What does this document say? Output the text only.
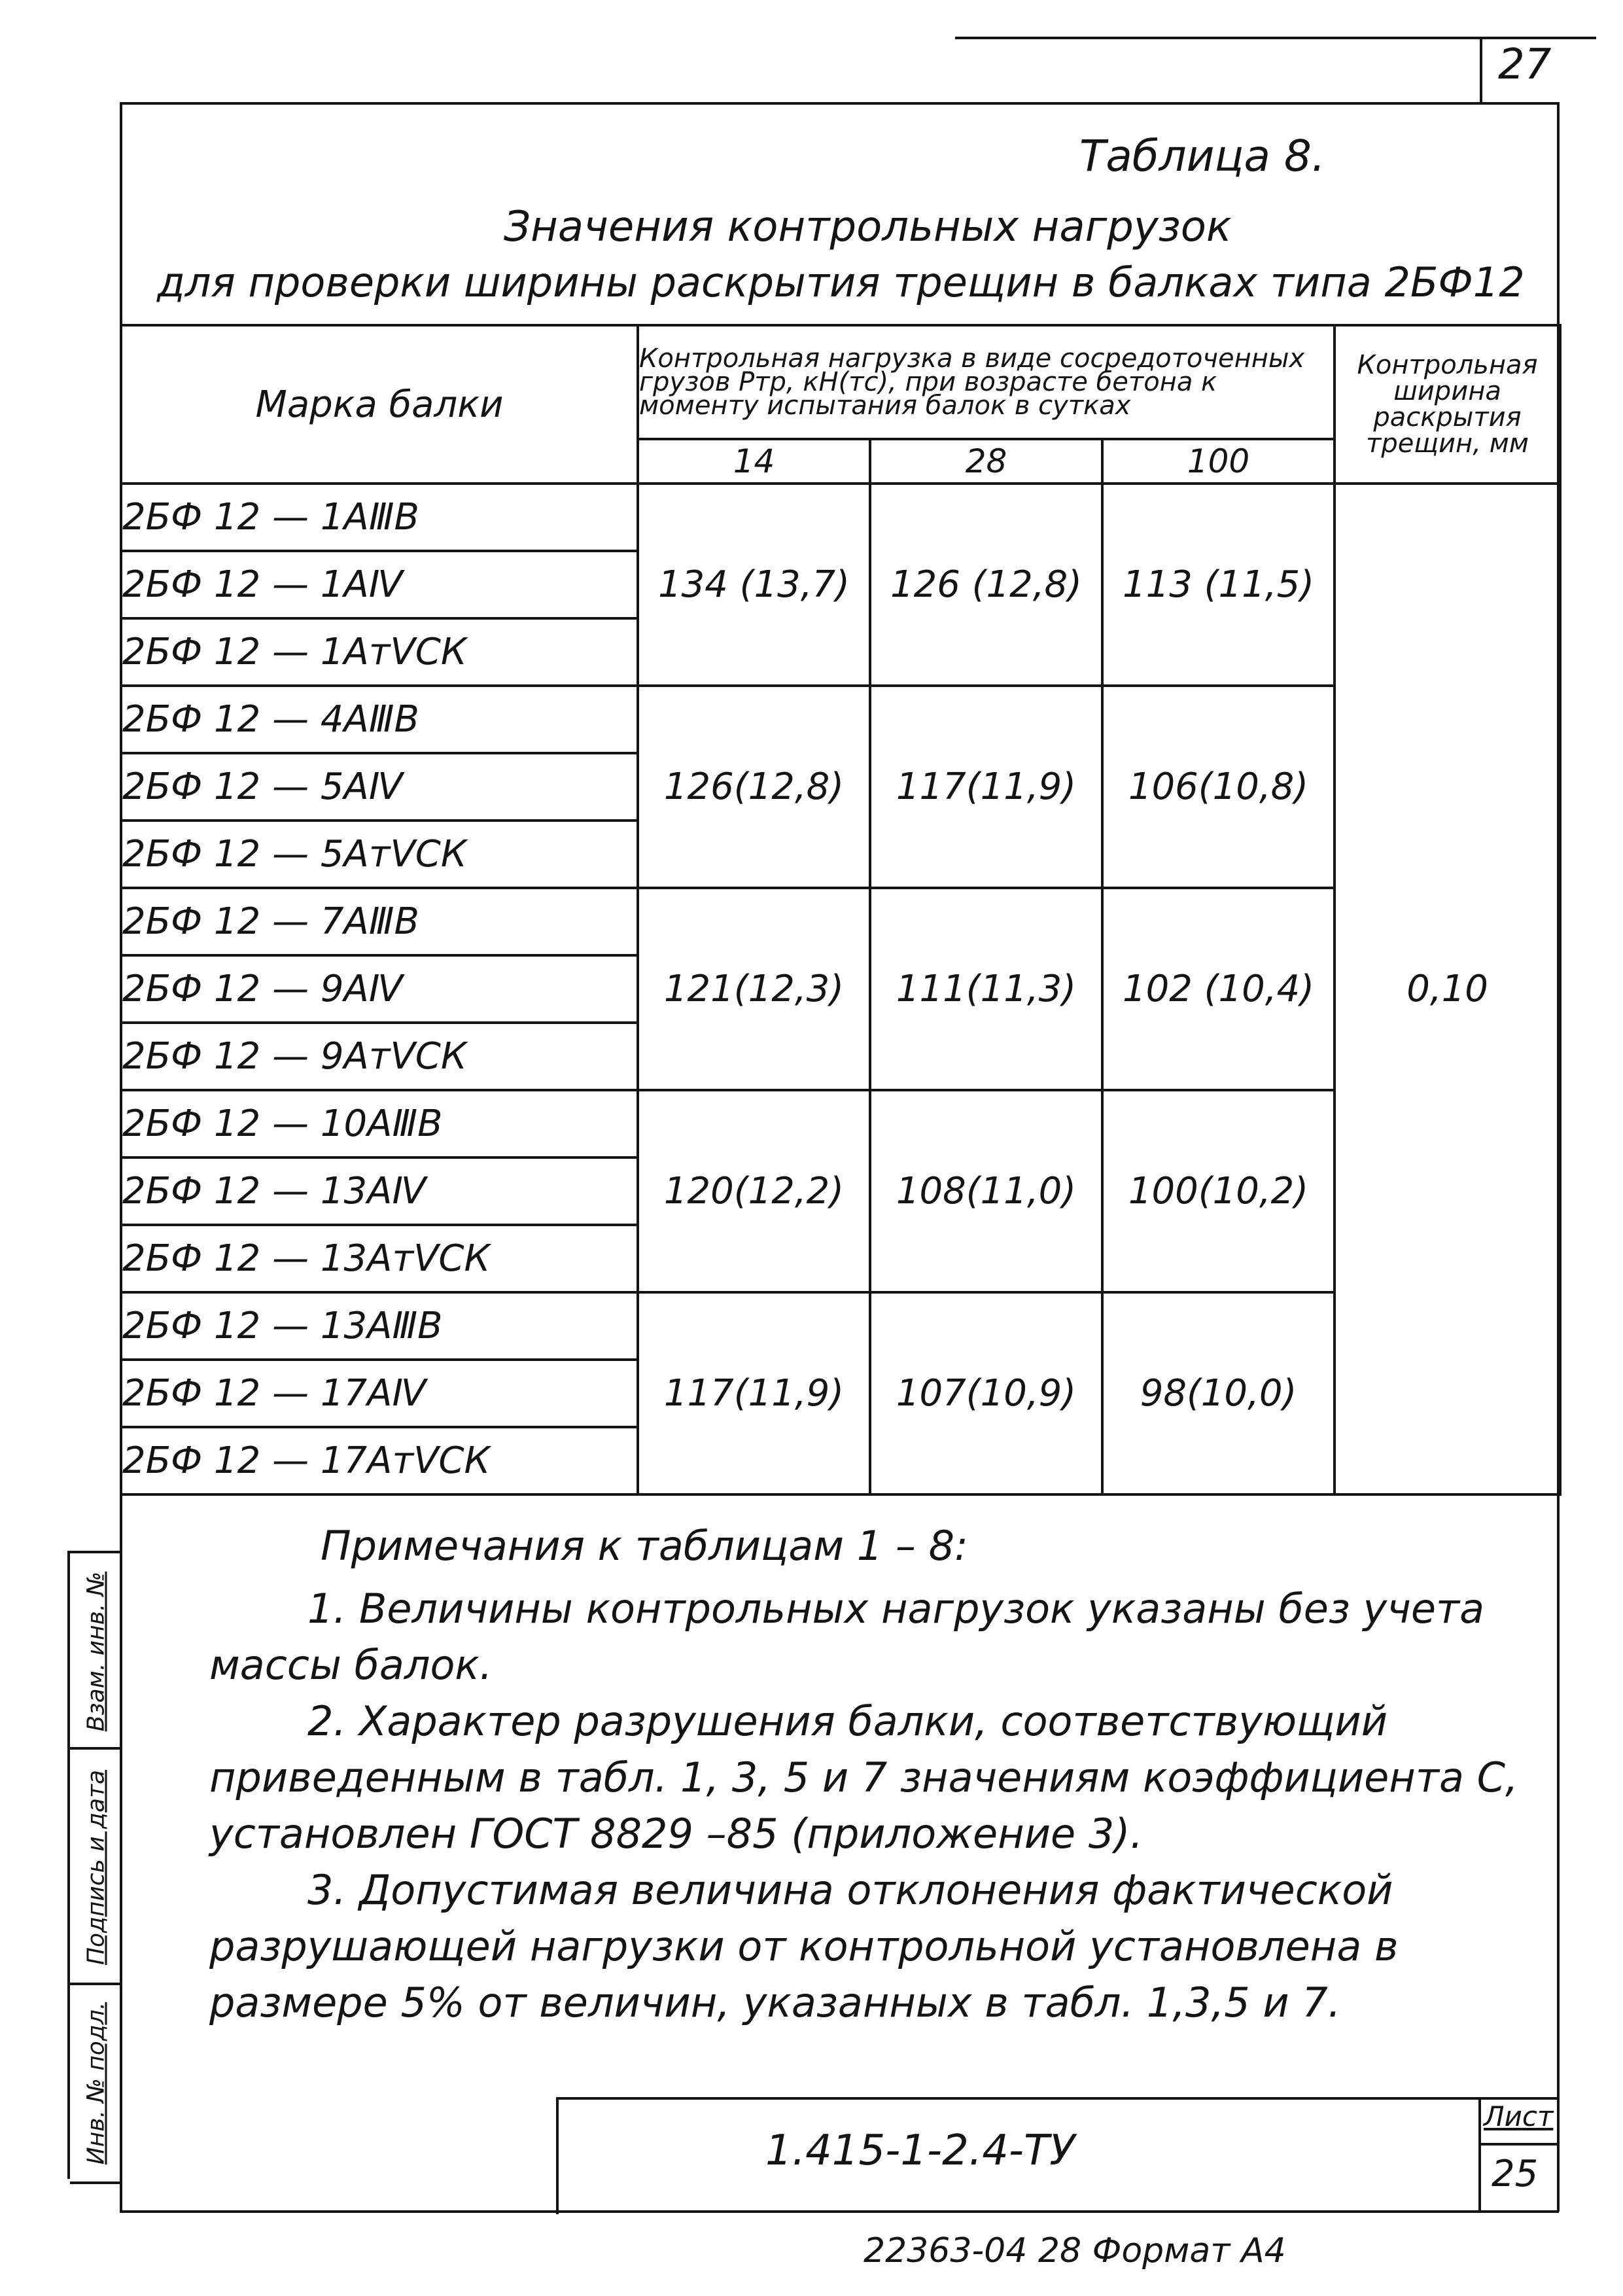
27
Таблица 8.
Значения контрольных нагрузок
для проверки ширины раскрытия трещин в балках типа 2БФ12
Марка балки	Контрольная нагрузка в виде сосредоточенных грузов Pтр, кН(тс), при возрасте бетона к моменту испытания балок в сутках			Контрольная ширина раскрытия трещин, мм
	14	28	100	
2БФ 12 — 1АⅢВ	134 (13,7)	126 (12,8)	113 (11,5)	0,10
2БФ 12 — 1АⅣ				
2БФ 12 — 1АтⅤСК				
2БФ 12 — 4АⅢВ	126(12,8)	117(11,9)	106(10,8)	
2БФ 12 — 5АⅣ				
2БФ 12 — 5АтⅤСК				
2БФ 12 — 7АⅢВ	121(12,3)	111(11,3)	102 (10,4)	
2БФ 12 — 9АⅣ				
2БФ 12 — 9АтⅤСК				
2БФ 12 — 10АⅢВ	120(12,2)	108(11,0)	100(10,2)	
2БФ 12 — 13АⅣ				
2БФ 12 — 13АтⅤСК				
2БФ 12 — 13АⅢВ	117(11,9)	107(10,9)	98(10,0)	
2БФ 12 — 17АⅣ				
2БФ 12 — 17АтⅤСК				

Примечания к таблицам 1 – 8:

1. Величины контрольных нагрузок указаны без учета

массы балок.

2. Характер разрушения балки, соответствующий

приведенным в табл. 1, 3, 5 и 7 значениям коэффициента С,

установлен ГОСТ 8829 –85 (приложение 3).

3. Допустимая величина отклонения фактической

разрушающей нагрузки от контрольной установлена в

размере 5% от величин, указанных в табл. 1,3,5 и 7.

Взам. инв. №
Подпись и дата
Инв. № подл.	1.415-1-2.4-ТУ
Лист
25
22363-04 28 Формат А4
